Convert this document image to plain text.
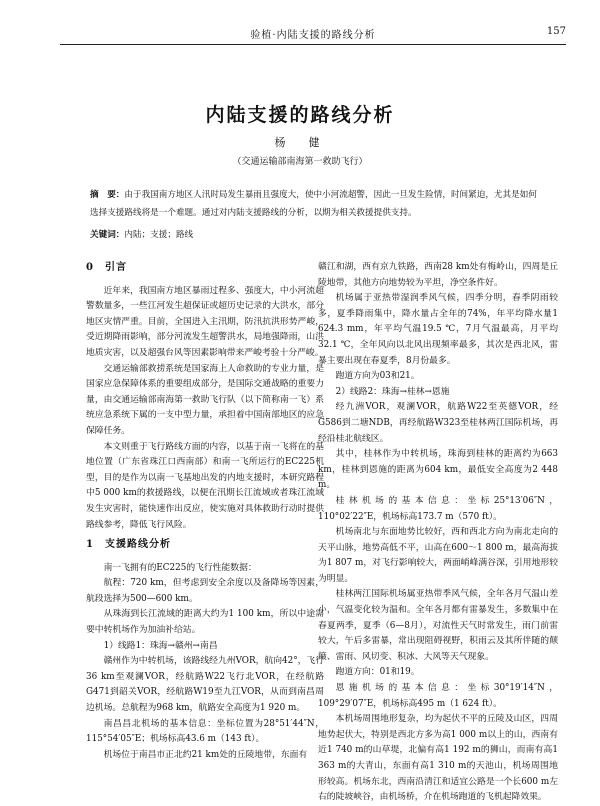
验植·内陆支援的路线分析	157
内陆支援的路线分析
杨　健
（交通运输部南海第一救助飞行）
摘　要：由于我国南方地区人汛时局发生暴雨且强度大，使中小河流超警，因此一旦发生险情，时间紧迫，尤其是如何选择支援路线将是一个难题。通过对内陆支援路线的分析，以期为相关救援提供支持。
关键词：内陆；支援；路线
0　引言
近年来，我国南方地区暴雨过程多、强度大，中小河流超警数量多，一些江河发生超保证或超历史记录的大洪水，部分地区灾情严重。目前，全国进入主汛期，防汛抗洪形势严峻，受近期降雨影响，部分河流发生超警洪水，局地强降雨，山洪地质灾害，以及超强台风等因素影响带来严峻考验十分严峻。
交通运输部救捞系统是国家海上人命救助的专业力量，是国家应急保障体系的重要组成部分，是国际交通战略的重要力量，由交通运输部南海第一救助飞行队（以下简称南一飞）系统应急系统下属的一支中型力量，承担着中国南部地区的应急保障任务。
本文则重于飞行路线方面的内容，以基于南一飞将在的基地位置（广东省珠江口西南部）和南一飞所运行的EC225机型，目的是作为以南一飞基地出发的内地支援时，本研究路程中5 000 km的救援路线，以便在汛期长江流域或者珠江流域发生灾害时，能快速作出反应，使实施对具体救助行动时提供路线参考，降低飞行风险。
1　支援路线分析
南一飞拥有的EC225的飞行性能数据：
航程：720 km，但考虑到安全余度以及备降场等因素，航段选择为500—600 km。
从珠海到长江流域的距离大约为1 100 km，所以中途需要中转机场作为加油补给站。
1）线路1：珠海→赣州→南昌
赣州作为中转机场，该路线经九州VOR，航向42°，飞行36 km至观澜VOR，经航路W22飞行北VOR，在经航路G471到韶关VOR，经航路W19至九江VOR，从而到南昌周边机场。总航程为968 km，航路安全高度为1 920 m。
南昌昌北机场的基本信息：坐标位置为28°51′44″N，115°54′05″E；机场标高43.6 m（143 ft）。
机场位于南昌市正北约21 km处的丘陵地带，东面有
赣江和湖，西有京九铁路，西南28 km处有梅岭山，四周是丘陵地带，其他方向地势较为平坦，净空条件好。
机场属于亚热带湿润季风气候，四季分明，春季阴雨较多，夏季降雨集中，降水量占全年的74%，年平均降水量1 624.3 mm，年平均气温19.5 ℃，7月气温最高，月平均32.1 ℃，全年风向以北风出现频率最多，其次是西北风，雷暴主要出现在春夏季，8月份最多。
跑道方向为03和21。
2）线路2：珠海→桂林→恩施
经九洲VOR，观澜VOR，航路W22至英德VOR，经G586到二塘NDB，再经航路W323至桂林两江国际机场，再经沿桂北航线区。
其中，桂林作为中转机场，珠海到桂林的距离约为663 km，桂林到恩施的距离为604 km，最低安全高度为2 448 m。
桂林机场的基本信息：坐标25°13′06″N，110°02′22″E，机场标高173.7 m（570 ft）。
机场南北与东面地势比较好，西和西北方向为南北走向的天平山脉，地势高低不平，山高在600～1 800 m，最高海拔为1 807 m，对飞行影响较大，两面峭峰满谷深，引用地形较为明显。
桂林两江国际机场属亚热带季风气候，全年各月气温山差小，气温变化较为温和。全年各月都有雷暴发生，多数集中在春夏两季，夏季（6—8月），对流性天气时常发生，雨门前雷较大，午后多雷暴，常出现阻碍视野，积雨云及其所伴随的颠簸、雷雨、风切变、积冰、大风等天气现象。
跑道方向：01和19。
恩施机场的基本信息：坐标30°19′14″N，109°29′07″E，机场标高495 m（1 624 ft）。
本机场周围地形复杂，均为起伏不平的丘陵及山区，四周地势起伏大，特别是西北方多为高1 000 m以上的山，西南有近1 740 m的山草堤，北偏有高1 192 m的狮山，而南有高1 363 m的大青山，东面有高1 310 m的天池山，机场周围地形较高。机场东北，西南沿清江和适宜公路是一个长600 m左右的陡坡峡谷，由机场桥，介在机场跑道的飞机起降效果。
